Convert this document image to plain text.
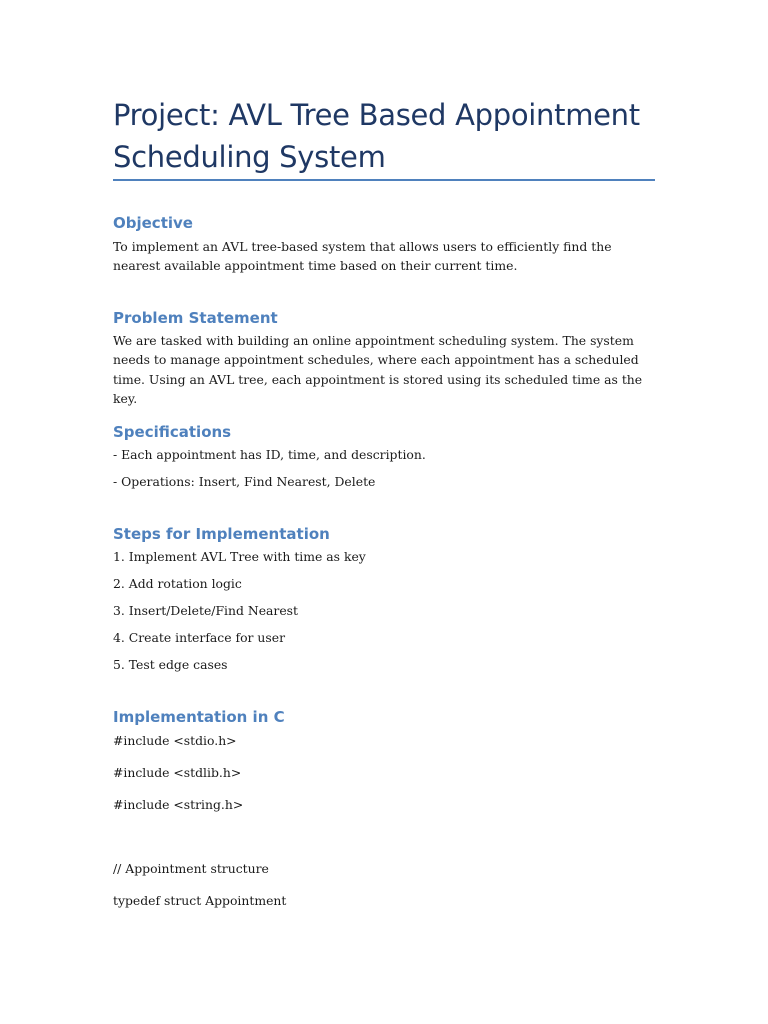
Project: AVL Tree Based Appointment Scheduling System
Objective

To implement an AVL tree-based system that allows users to efficiently find the nearest available appointment time based on their current time.

Problem Statement

We are tasked with building an online appointment scheduling system. The system needs to manage appointment schedules, where each appointment has a scheduled time. Using an AVL tree, each appointment is stored using its scheduled time as the key.

Specifications

- Each appointment has ID, time, and description.

- Operations: Insert, Find Nearest, Delete

Steps for Implementation

1. Implement AVL Tree with time as key

2. Add rotation logic

3. Insert/Delete/Find Nearest

4. Create interface for user

5. Test edge cases

Implementation in C

#include <stdio.h>

#include <stdlib.h>

#include <string.h>

// Appointment structure

typedef struct Appointment
